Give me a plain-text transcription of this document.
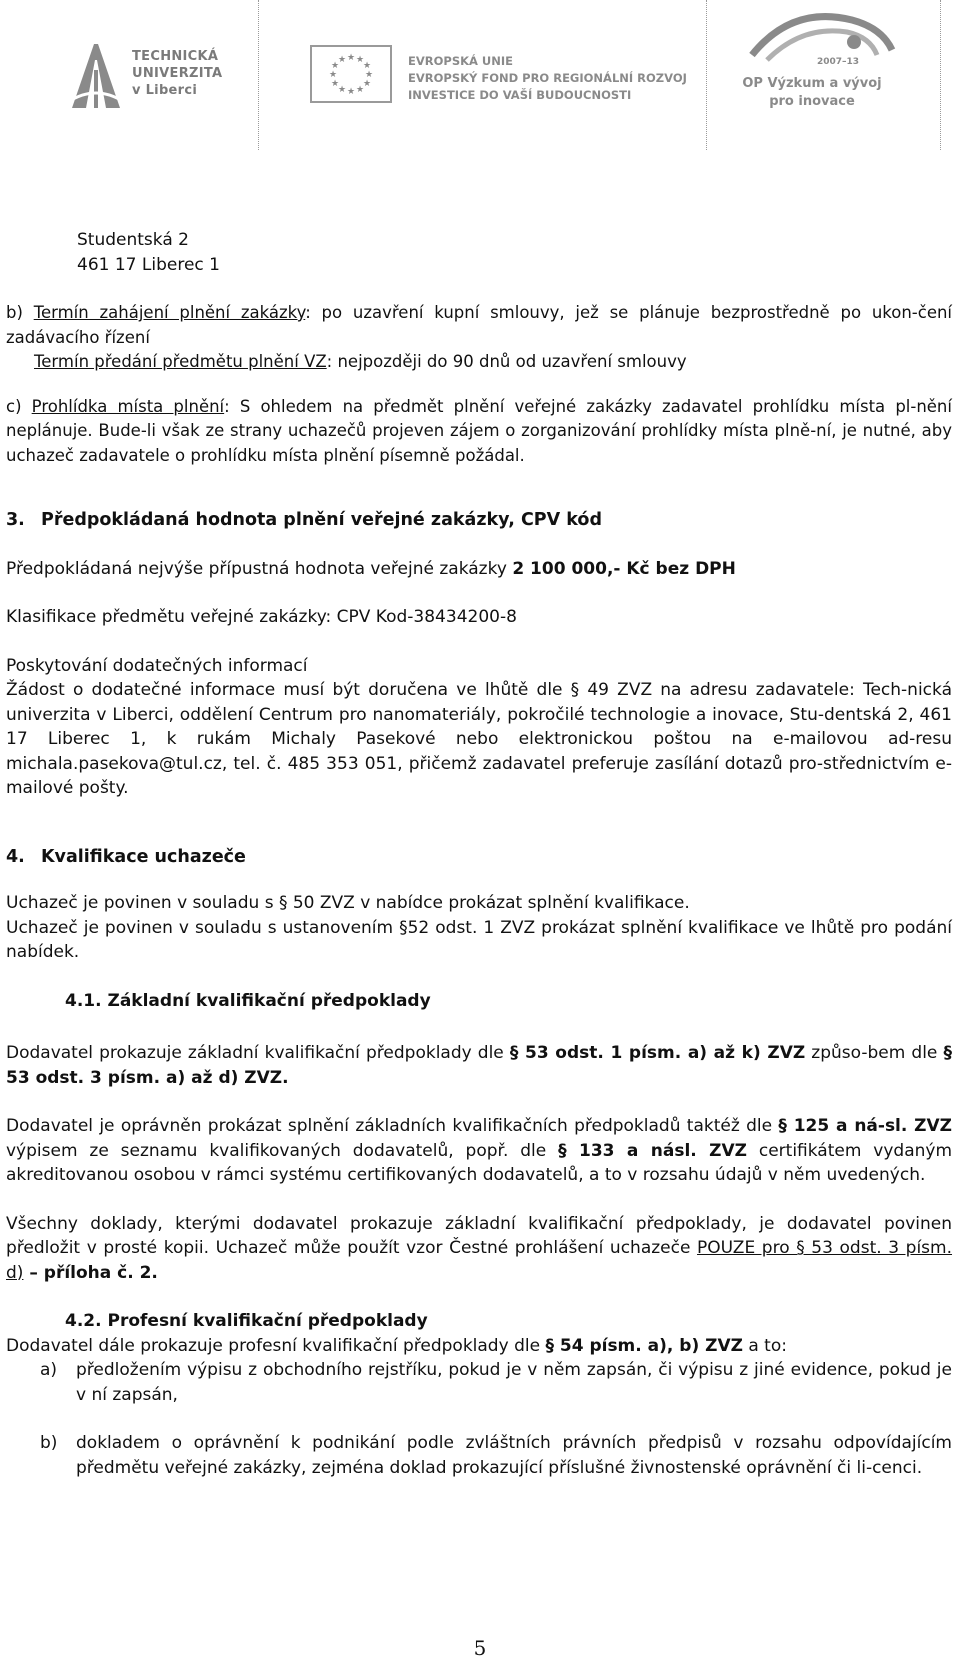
TECHNICKÁ
UNIVERZITA
v Liberci
★ ★
★
★
★
★
★
★
★
★
★
★	EVROPSKÁ UNIE
EVROPSKÝ FOND PRO REGIONÁLNÍ ROZVOJ
INVESTICE DO VAŠÍ BUDOUCNOSTI
2007–13
OP Výzkum a vývoj
pro inovace

Studentská 2

461 17 Liberec 1

b) Termín zahájení plnění zakázky: po uzavření kupní smlouvy, jež se plánuje bezprostředně po ukon-čení zadávacího řízení

Termín předání předmětu plnění VZ: nejpozději do 90 dnů od uzavření smlouvy

c) Prohlídka místa plnění: S ohledem na předmět plnění veřejné zakázky zadavatel prohlídku místa pl-nění neplánuje. Bude-li však ze strany uchazečů projeven zájem o zorganizování prohlídky místa plně-ní, je nutné, aby uchazeč zadavatele o prohlídku místa plnění písemně požádal.

3. Předpokládaná hodnota plnění veřejné zakázky, CPV kód

Předpokládaná nejvýše přípustná hodnota veřejné zakázky 2 100 000,- Kč bez DPH

Klasifikace předmětu veřejné zakázky: CPV Kod-38434200-8

Poskytování dodatečných informací

Žádost o dodatečné informace musí být doručena ve lhůtě dle § 49 ZVZ na adresu zadavatele: Tech-nická univerzita v Liberci, oddělení Centrum pro nanomateriály, pokročilé technologie a inovace, Stu-dentská 2, 461 17 Liberec 1, k rukám Michaly Pasekové nebo elektronickou poštou na e-mailovou ad-resu michala.pasekova@tul.cz, tel. č. 485 353 051, přičemž zadavatel preferuje zasílání dotazů pro-střednictvím e-mailové pošty.

4. Kvalifikace uchazeče

Uchazeč je povinen v souladu s § 50 ZVZ v nabídce prokázat splnění kvalifikace.

Uchazeč je povinen v souladu s ustanovením §52 odst. 1 ZVZ prokázat splnění kvalifikace ve lhůtě pro podání nabídek.

4.1. Základní kvalifikační předpoklady

Dodavatel prokazuje základní kvalifikační předpoklady dle § 53 odst. 1 písm. a) až k) ZVZ způso-bem dle § 53 odst. 3 písm. a) až d) ZVZ.

Dodavatel je oprávněn prokázat splnění základních kvalifikačních předpokladů taktéž dle § 125 a ná-sl. ZVZ výpisem ze seznamu kvalifikovaných dodavatelů, popř. dle § 133 a násl. ZVZ certifikátem vydaným akreditovanou osobou v rámci systému certifikovaných dodavatelů, a to v rozsahu údajů v něm uvedených.

Všechny doklady, kterými dodavatel prokazuje základní kvalifikační předpoklady, je dodavatel povinen předložit v prosté kopii. Uchazeč může použít vzor Čestné prohlášení uchazeče POUZE pro § 53 odst. 3 písm. d) – příloha č. 2.

4.2. Profesní kvalifikační předpoklady

Dodavatel dále prokazuje profesní kvalifikační předpoklady dle § 54 písm. a), b) ZVZ a to:

a)	předložením výpisu z obchodního rejstříku, pokud je v něm zapsán, či výpisu z jiné evidence, pokud je v ní zapsán,
b)	dokladem o oprávnění k podnikání podle zvláštních právních předpisů v rozsahu odpovídajícím předmětu veřejné zakázky, zejména doklad prokazující příslušné živnostenské oprávnění či li-cenci.
5
